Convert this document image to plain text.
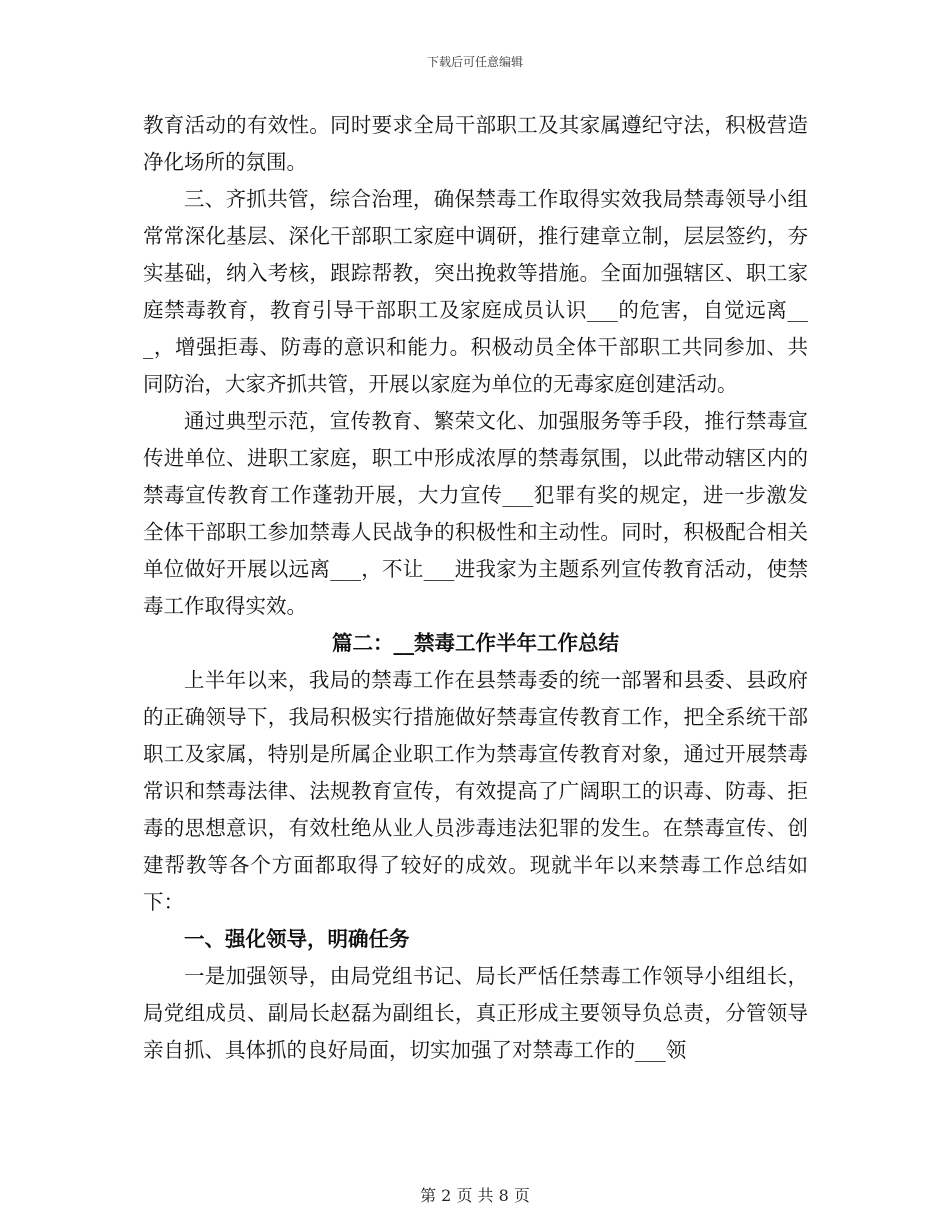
下载后可任意编辑

教育活动的有效性。同时要求全局干部职工及其家属遵纪守法，积极营造净化场所的氛围。

三、齐抓共管，综合治理，确保禁毒工作取得实效我局禁毒领导小组常常深化基层、深化干部职工家庭中调研，推行建章立制，层层签约，夯实基础，纳入考核，跟踪帮教，突出挽救等措施。全面加强辖区、职工家庭禁毒教育，教育引导干部职工及家庭成员认识___的危害，自觉远离___，增强拒毒、防毒的意识和能力。积极动员全体干部职工共同参加、共同防治，大家齐抓共管，开展以家庭为单位的无毒家庭创建活动。

通过典型示范，宣传教育、繁荣文化、加强服务等手段，推行禁毒宣传进单位、进职工家庭，职工中形成浓厚的禁毒氛围，以此带动辖区内的禁毒宣传教育工作蓬勃开展，大力宣传___犯罪有奖的规定，进一步激发全体干部职工参加禁毒人民战争的积极性和主动性。同时，积极配合相关单位做好开展以远离___，不让___进我家为主题系列宣传教育活动，使禁毒工作取得实效。

篇二：__禁毒工作半年工作总结

上半年以来，我局的禁毒工作在县禁毒委的统一部署和县委、县政府的正确领导下，我局积极实行措施做好禁毒宣传教育工作，把全系统干部职工及家属，特别是所属企业职工作为禁毒宣传教育对象，通过开展禁毒常识和禁毒法律、法规教育宣传，有效提高了广阔职工的识毒、防毒、拒毒的思想意识，有效杜绝从业人员涉毒违法犯罪的发生。在禁毒宣传、创建帮教等各个方面都取得了较好的成效。现就半年以来禁毒工作总结如下：

一、强化领导，明确任务

一是加强领导，由局党组书记、局长严恬任禁毒工作领导小组组长，局党组成员、副局长赵磊为副组长，真正形成主要领导负总责，分管领导亲自抓、具体抓的良好局面，切实加强了对禁毒工作的___领

第 2 页 共 8 页
